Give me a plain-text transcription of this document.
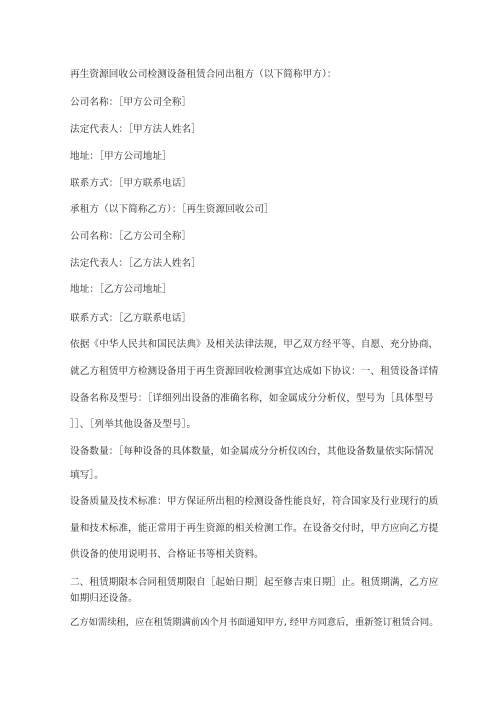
再生资源回收公司检测设备租赁合同出租方（以下简称甲方）：
公司名称：［甲方公司全称］
法定代表人：［甲方法人姓名］
地址：［甲方公司地址］
联系方式：［甲方联系电话］
承租方（以下简称乙方）：［再生资源回收公司］
公司名称：［乙方公司全称］
法定代表人：［乙方法人姓名］
地址：［乙方公司地址］
联系方式：［乙方联系电话］
依据《中华人民共和国民法典》及相关法律法规，甲乙双方经平等、自愿、充分协商，
就乙方租赁甲方检测设备用于再生资源回收检测事宜达成如下协议：一、租赁设备详情
设备名称及型号：［详细列出设备的准确名称，如金属成分分析仪，型号为［具体型号
］］、［列举其他设备及型号］。
设备数量：［每种设备的具体数量，如金属成分分析仪凶台，其他设备数量依实际情况
填写］。
设备质量及技术标准：甲方保证所出租的检测设备性能良好，符合国家及行业现行的质
量和技术标准，能正常用于再生资源的相关检测工作。在设备交付时，甲方应向乙方提
供设备的使用说明书、合格证书等相关资料。
二、租赁期限本合同租赁期限自［起始日期］起至修吉束日期］止。租赁期满，乙方应
如期归还设备。
乙方如需续租，应在租赁期满前凶个月书面通知甲方, 经甲方同意后，重新签订租赁合同。
